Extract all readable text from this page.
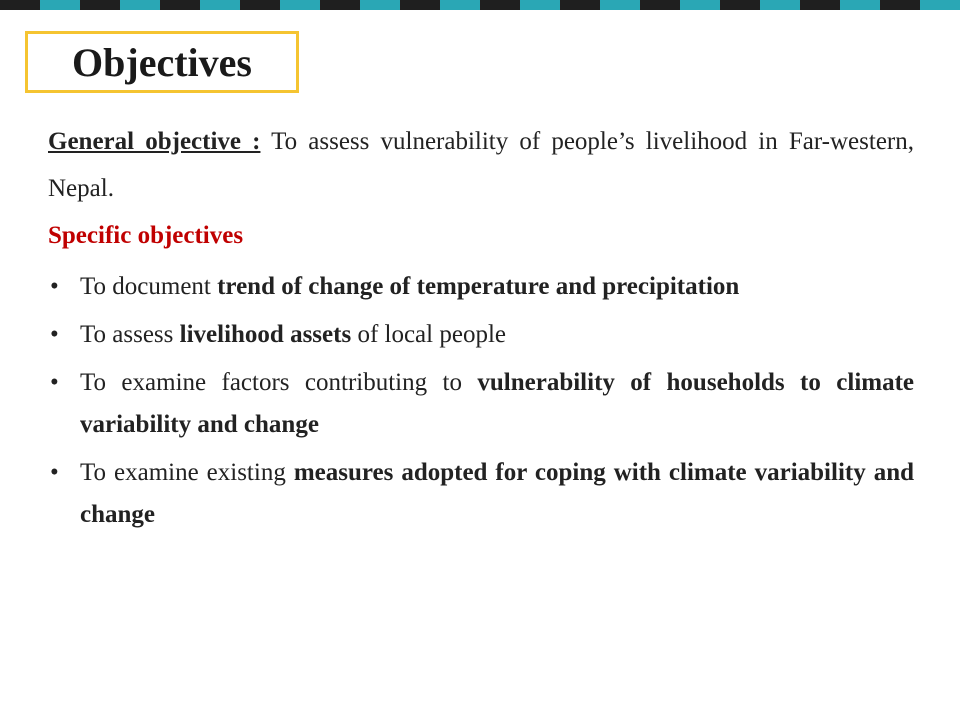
Objectives

General objective : To assess vulnerability of people’s livelihood in Far-western, Nepal.

Specific objectives

• To document trend of change of temperature and precipitation
• To assess livelihood assets of local people
• To examine factors contributing to vulnerability of households to climate variability and change
• To examine existing measures adopted for coping with climate variability and change
